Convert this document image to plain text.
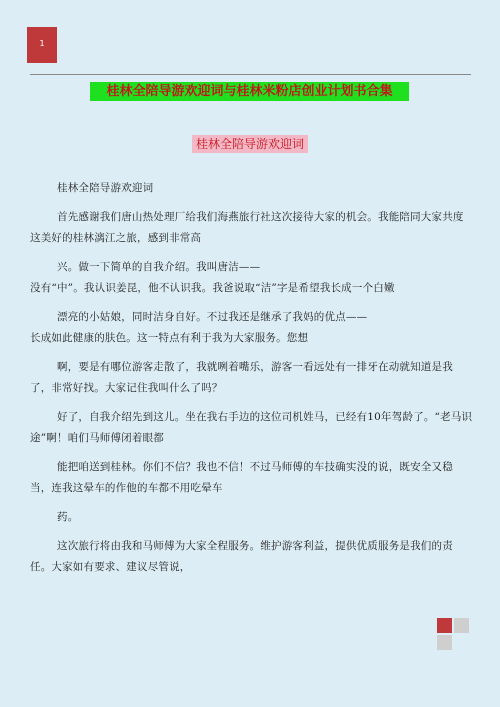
1
桂林全陪导游欢迎词与桂林米粉店创业计划书合集
桂林全陪导游欢迎词

桂林全陪导游欢迎词

首先感谢我们唐山热处理厂给我们海燕旅行社这次接待大家的机会。我能陪同大家共度这美好的桂林漓江之旅，感到非常高

兴。做一下简单的自我介绍。我叫唐洁——

没有“中”。我认识姜昆，他不认识我。我爸说取“洁”字是希望我长成一个白嫩

漂亮的小姑娘，同时洁身自好。不过我还是继承了我妈的优点——

长成如此健康的肤色。这一特点有利于我为大家服务。您想

啊，要是有哪位游客走散了，我就咧着嘴乐，游客一看远处有一排牙在动就知道是我了，非常好找。大家记住我叫什么了吗？

好了，自我介绍先到这儿。坐在我右手边的这位司机姓马，已经有10年驾龄了。“老马识途”啊！咱们马师傅闭着眼都

能把咱送到桂林。你们不信？我也不信！不过马师傅的车技确实没的说，既安全又稳当，连我这晕车的作他的车都不用吃晕车

药。

这次旅行将由我和马师傅为大家全程服务。维护游客利益，提供优质服务是我们的责任。大家如有要求、建议尽管说，
